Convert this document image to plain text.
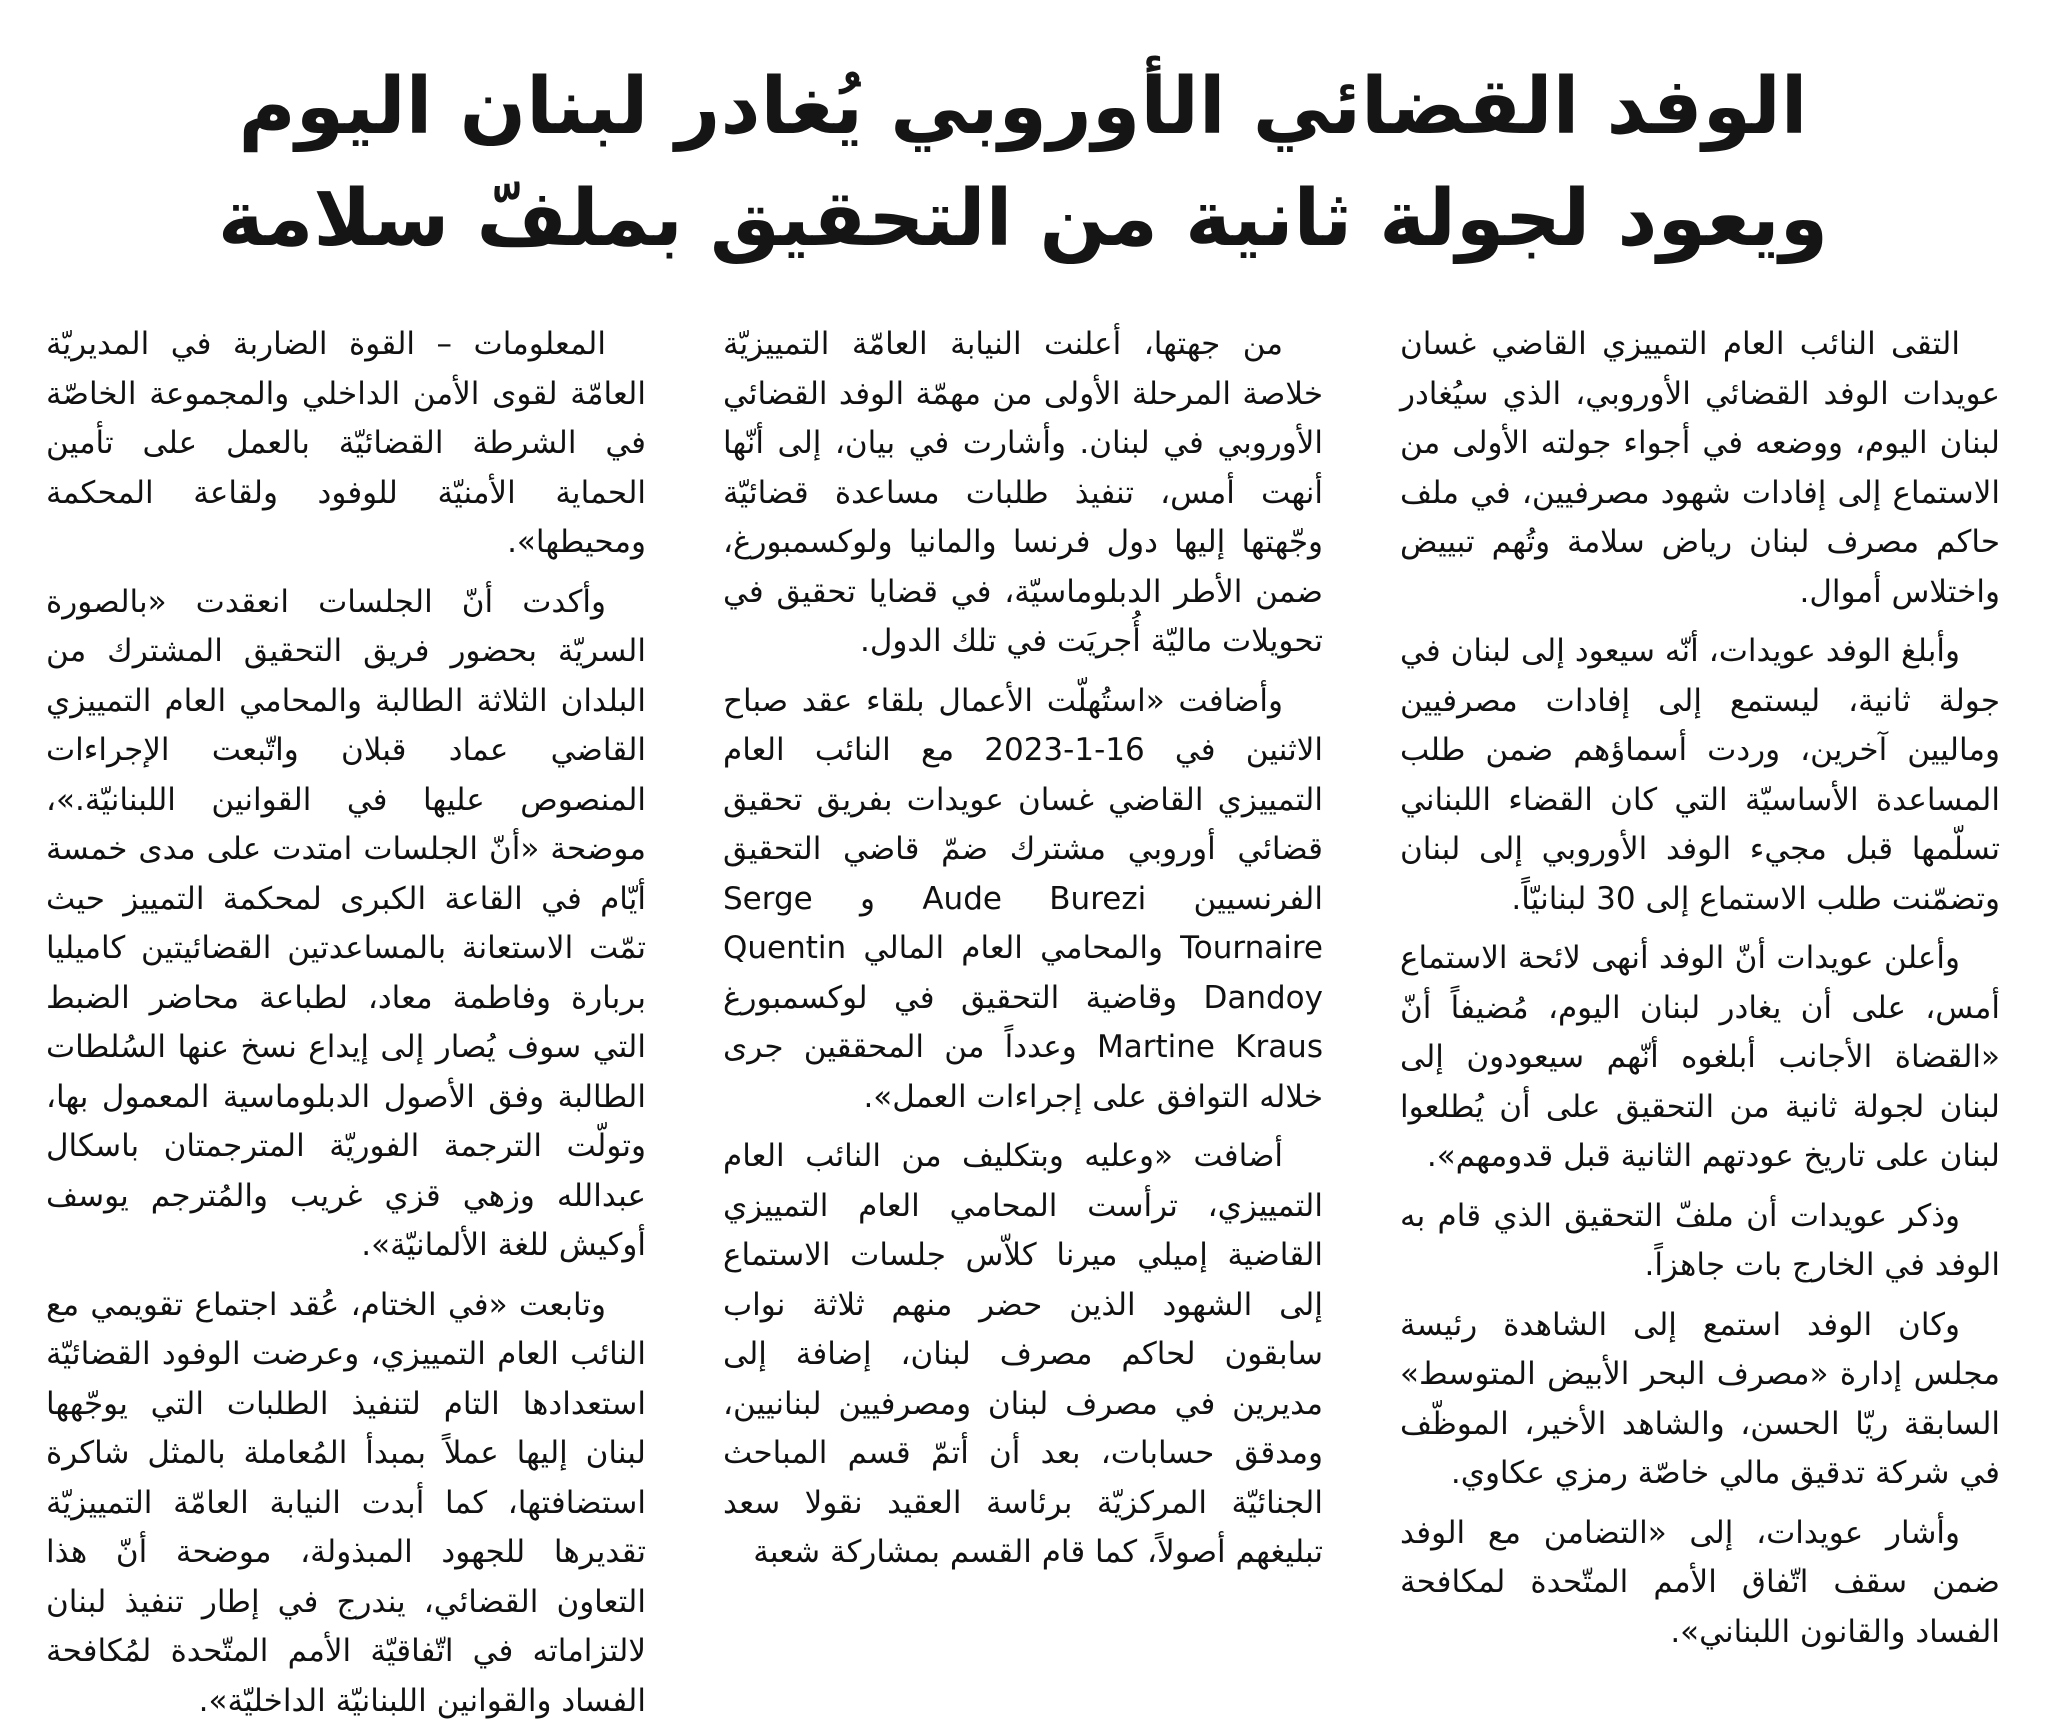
الوفد القضائي الأوروبي يُغادر لبنان اليوم
ويعود لجولة ثانية من التحقيق بملفّ سلامة

التقى النائب العام التمييزي القاضي غسان عويدات الوفد القضائي الأوروبي، الذي سيُغادر لبنان اليوم، ووضعه في أجواء جولته الأولى من الاستماع إلى إفادات شهود مصرفيين، في ملف حاكم مصرف لبنان رياض سلامة وتُهم تبييض واختلاس أموال.

وأبلغ الوفد عويدات، أنّه سيعود إلى لبنان في جولة ثانية، ليستمع إلى إفادات مصرفيين وماليين آخرين، وردت أسماؤهم ضمن طلب المساعدة الأساسيّة التي كان القضاء اللبناني تسلّمها قبل مجيء الوفد الأوروبي إلى لبنان وتضمّنت طلب الاستماع إلى 30 لبنانيّاً.

وأعلن عويدات أنّ الوفد أنهى لائحة الاستماع أمس، على أن يغادر لبنان اليوم، مُضيفاً أنّ «القضاة الأجانب أبلغوه أنّهم سيعودون إلى لبنان لجولة ثانية من التحقيق على أن يُطلعوا لبنان على تاريخ عودتهم الثانية قبل قدومهم».

وذكر عويدات أن ملفّ التحقيق الذي قام به الوفد في الخارج بات جاهزاً.

وكان الوفد استمع إلى الشاهدة رئيسة مجلس إدارة «مصرف البحر الأبيض المتوسط» السابقة ريّا الحسن، والشاهد الأخير، الموظّف في شركة تدقيق مالي خاصّة رمزي عكاوي.

وأشار عويدات، إلى «التضامن مع الوفد ضمن سقف اتّفاق الأمم المتّحدة لمكافحة الفساد والقانون اللبناني».

من جهتها، أعلنت النيابة العامّة التمييزيّة خلاصة المرحلة الأولى من مهمّة الوفد القضائي الأوروبي في لبنان. وأشارت في بيان، إلى أنّها أنهت أمس، تنفيذ طلبات مساعدة قضائيّة وجّهتها إليها دول فرنسا والمانيا ولوكسمبورغ، ضمن الأطر الدبلوماسيّة، في قضايا تحقيق في تحويلات ماليّة أُجريَت في تلك الدول.

وأضافت «استُهلّت الأعمال بلقاء عقد صباح الاثنين في 16-1-2023 مع النائب العام التمييزي القاضي غسان عويدات بفريق تحقيق قضائي أوروبي مشترك ضمّ قاضي التحقيق الفرنسيين Aude Burezi و Serge Tournaire والمحامي العام المالي Quentin Dandoy وقاضية التحقيق في لوكسمبورغ Martine Kraus وعدداً من المحققين جرى خلاله التوافق على إجراءات العمل».

أضافت «وعليه وبتكليف من النائب العام التمييزي، ترأست المحامي العام التمييزي القاضية إميلي ميرنا كلاّس جلسات الاستماع إلى الشهود الذين حضر منهم ثلاثة نواب سابقون لحاكم مصرف لبنان، إضافة إلى مديرين في مصرف لبنان ومصرفيين لبنانيين، ومدقق حسابات، بعد أن أتمّ قسم المباحث الجنائيّة المركزيّة برئاسة العقيد نقولا سعد تبليغهم أصولاً، كما قام القسم بمشاركة شعبة

المعلومات – القوة الضاربة في المديريّة العامّة لقوى الأمن الداخلي والمجموعة الخاصّة في الشرطة القضائيّة بالعمل على تأمين الحماية الأمنيّة للوفود ولقاعة المحكمة ومحيطها».

وأكدت أنّ الجلسات انعقدت «بالصورة السريّة بحضور فريق التحقيق المشترك من البلدان الثلاثة الطالبة والمحامي العام التمييزي القاضي عماد قبلان واتّبعت الإجراءات المنصوص عليها في القوانين اللبنانيّة.»، موضحة «أنّ الجلسات امتدت على مدى خمسة أيّام في القاعة الكبرى لمحكمة التمييز حيث تمّت الاستعانة بالمساعدتين القضائيتين كاميليا بربارة وفاطمة معاد، لطباعة محاضر الضبط التي سوف يُصار إلى إيداع نسخ عنها السُلطات الطالبة وفق الأصول الدبلوماسية المعمول بها، وتولّت الترجمة الفوريّة المترجمتان باسكال عبدالله وزهي قزي غريب والمُترجم يوسف أوكيش للغة الألمانيّة».

وتابعت «في الختام، عُقد اجتماع تقويمي مع النائب العام التمييزي، وعرضت الوفود القضائيّة استعدادها التام لتنفيذ الطلبات التي يوجّهها لبنان إليها عملاً بمبدأ المُعاملة بالمثل شاكرة استضافتها، كما أبدت النيابة العامّة التمييزيّة تقديرها للجهود المبذولة، موضحة أنّ هذا التعاون القضائي، يندرج في إطار تنفيذ لبنان لالتزاماته في اتّفاقيّة الأمم المتّحدة لمُكافحة الفساد والقوانين اللبنانيّة الداخليّة».
